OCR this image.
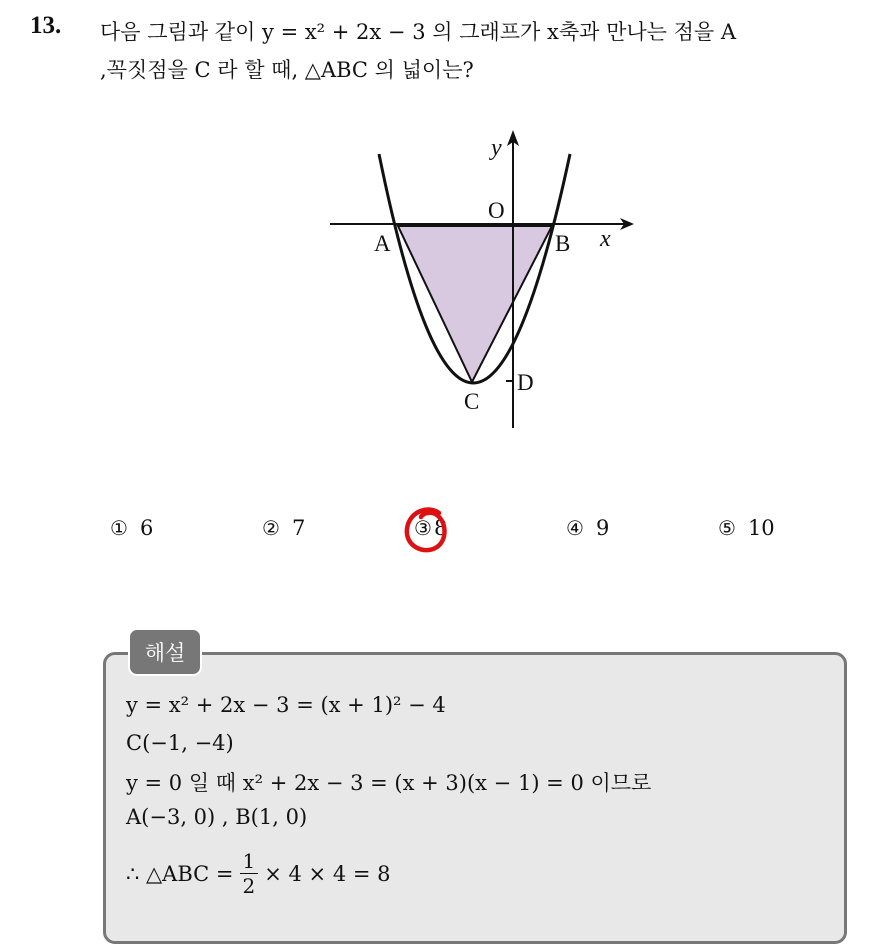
13. 다음 그림과 같이 y = x² + 2x − 3 의 그래프가 x축과 만나는 점을 A
,꼭짓점을 C 라 할 때, △ABC 의 넓이는?
y
x
O
A	B
C
D
① 6	② 7	③8	④ 9	⑤ 10
해설
y = x² + 2x − 3 = (x + 1)² − 4
C(−1, −4)
y = 0 일 때 x² + 2x − 3 = (x + 3)(x − 1) = 0 이므로
A(−3, 0) , B(1, 0)
∴ △ABC = $\frac{1}{2} \times 4 \times 4 = 8$
